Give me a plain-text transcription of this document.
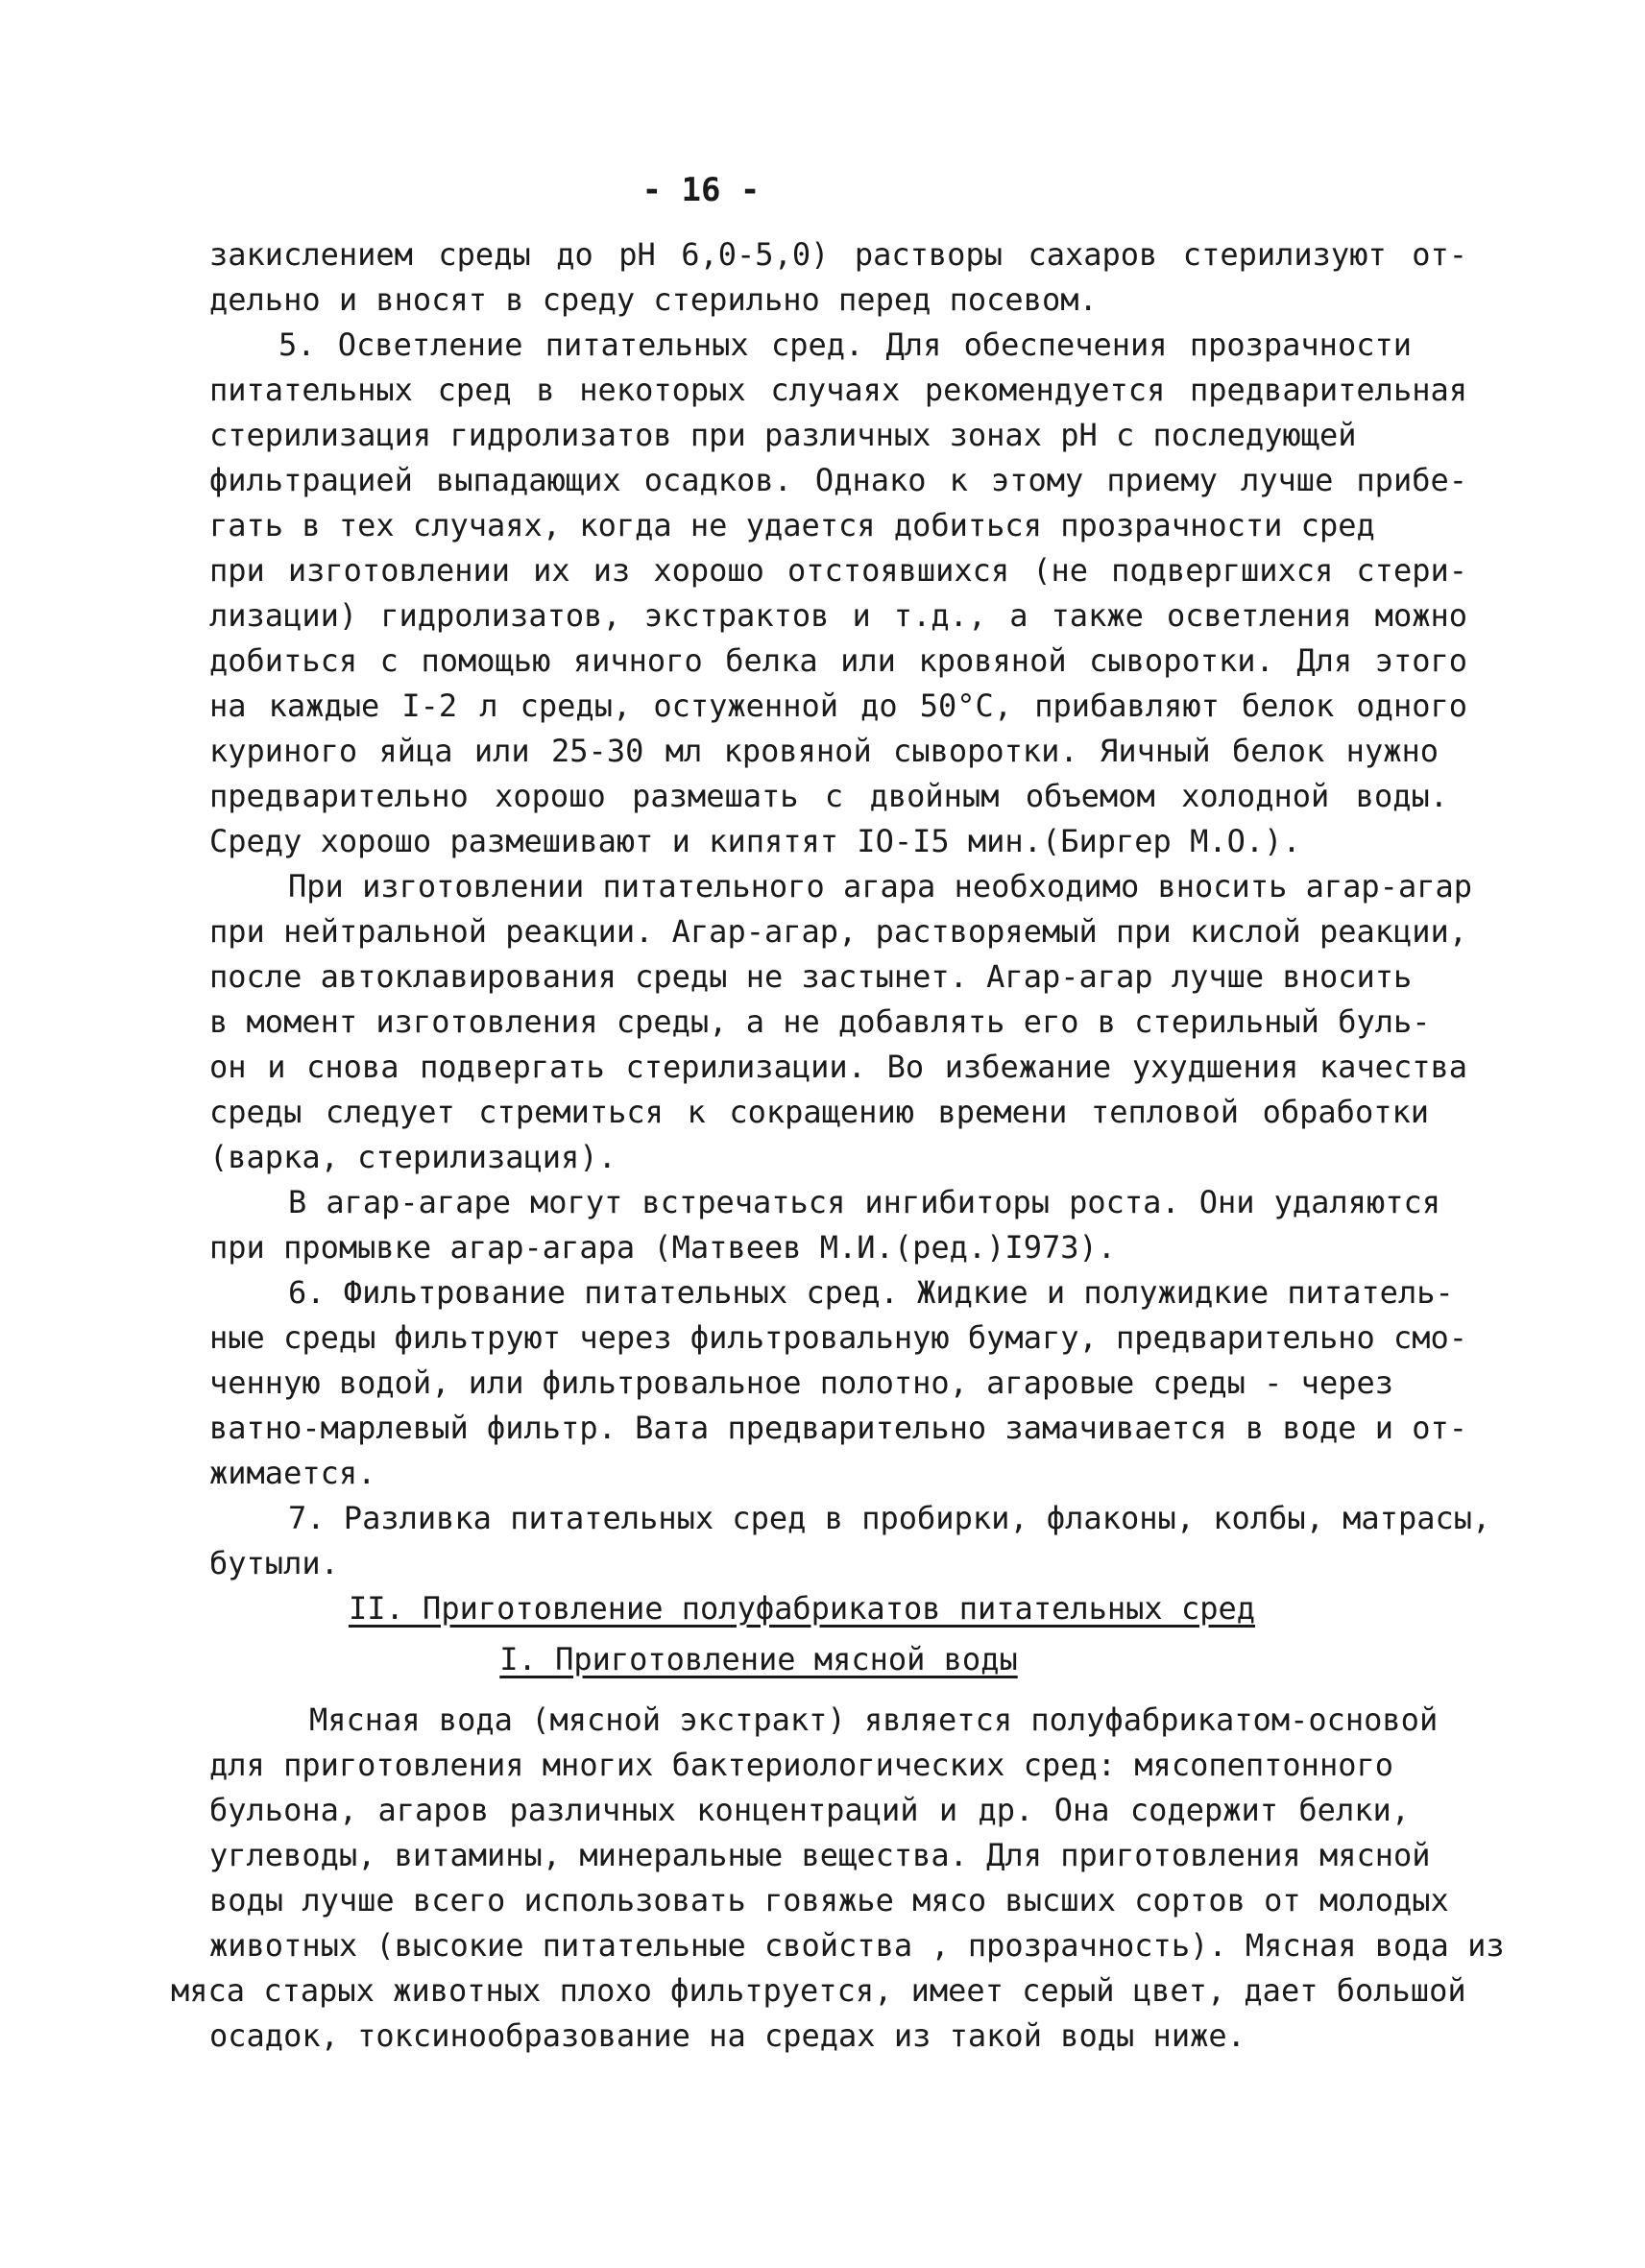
- 16 -
закислением среды до рН 6,0-5,0) растворы сахаров стерилизуют от-
дельно и вносят в среду стерильно перед посевом.
5. Осветление питательных сред. Для обеспечения прозрачности
питательных сред в некоторых случаях рекомендуется предварительная
стерилизация гидролизатов при различных зонах рН с последующей
фильтрацией выпадающих осадков. Однако к этому приему лучше прибе-
гать в тех случаях, когда не удается добиться прозрачности сред
при изготовлении их из хорошо отстоявшихся (не подвергшихся стери-
лизации) гидролизатов, экстрактов и т.д., а также осветления можно
добиться с помощью яичного белка или кровяной сыворотки. Для этого
на каждые I-2 л среды, остуженной до 50°С, прибавляют белок одного
куриного яйца или 25-30 мл кровяной сыворотки. Яичный белок нужно
предварительно хорошо размешать с двойным объемом холодной воды.
Среду хорошо размешивают и кипятят IO-I5 мин.(Биргер М.О.).
При изготовлении питательного агара необходимо вносить агар-агар
при нейтральной реакции. Агар-агар, растворяемый при кислой реакции,
после автоклавирования среды не застынет. Агар-агар лучше вносить
в момент изготовления среды, а не добавлять его в стерильный буль-
он и снова подвергать стерилизации. Во избежание ухудшения качества
среды следует стремиться к сокращению времени тепловой обработки
(варка, стерилизация).
В агар-агаре могут встречаться ингибиторы роста. Они удаляются
при промывке агар-агара (Матвеев М.И.(ред.)I973).
6. Фильтрование питательных сред. Жидкие и полужидкие питатель-
ные среды фильтруют через фильтровальную бумагу, предварительно смо-
ченную водой, или фильтровальное полотно, агаровые среды - через
ватно-марлевый фильтр. Вата предварительно замачивается в воде и от-
жимается.
7. Разливка питательных сред в пробирки, флаконы, колбы, матрасы,
бутыли.
II. Приготовление полуфабрикатов питательных сред
I. Приготовление мясной воды
Мясная вода (мясной экстракт) является полуфабрикатом-основой
для приготовления многих бактериологических сред: мясопептонного
бульона, агаров различных концентраций и др. Она содержит белки,
углеводы, витамины, минеральные вещества. Для приготовления мясной
воды лучше всего использовать говяжье мясо высших сортов от молодых
животных (высокие питательные свойства , прозрачность). Мясная вода из
мяса старых животных плохо фильтруется, имеет серый цвет, дает большой
осадок, токсинообразование на средах из такой воды ниже.
